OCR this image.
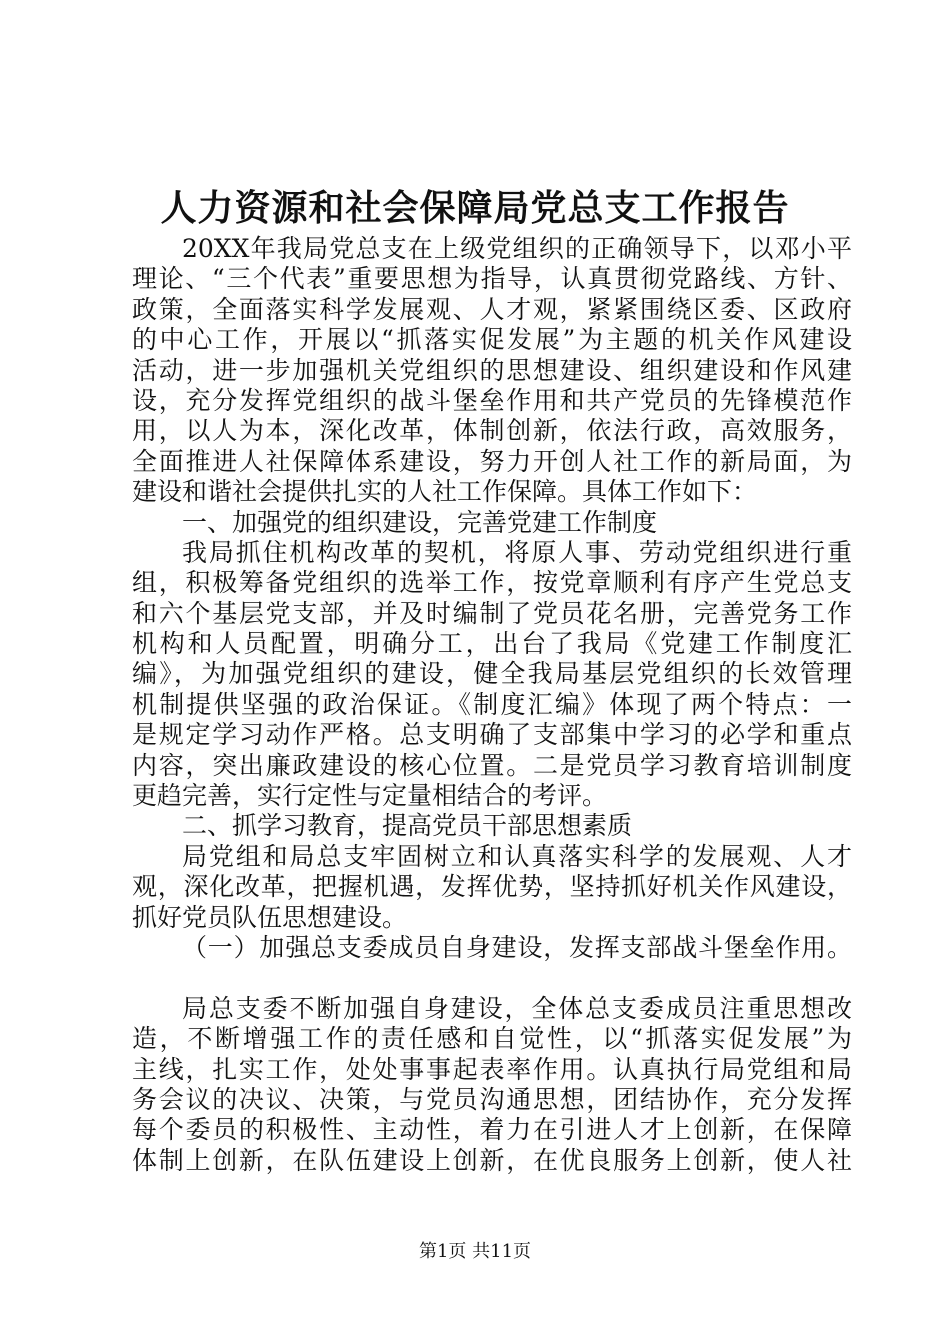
人力资源和社会保障局党总支工作报告
20XX年我局党总支在上级党组织的正确领导下，以邓小平
理论、“三个代表”重要思想为指导，认真贯彻党路线、方针、
政策，全面落实科学发展观、人才观，紧紧围绕区委、区政府
的中心工作，开展以“抓落实促发展”为主题的机关作风建设
活动，进一步加强机关党组织的思想建设、组织建设和作风建
设，充分发挥党组织的战斗堡垒作用和共产党员的先锋模范作
用，以人为本，深化改革，体制创新，依法行政，高效服务，
全面推进人社保障体系建设，努力开创人社工作的新局面，为
建设和谐社会提供扎实的人社工作保障。具体工作如下：
一、加强党的组织建设，完善党建工作制度
我局抓住机构改革的契机，将原人事、劳动党组织进行重
组，积极筹备党组织的选举工作，按党章顺利有序产生党总支
和六个基层党支部，并及时编制了党员花名册，完善党务工作
机构和人员配置，明确分工，出台了我局《党建工作制度汇
编》，为加强党组织的建设，健全我局基层党组织的长效管理
机制提供坚强的政治保证。《制度汇编》体现了两个特点：一
是规定学习动作严格。总支明确了支部集中学习的必学和重点
内容，突出廉政建设的核心位置。二是党员学习教育培训制度
更趋完善，实行定性与定量相结合的考评。
二、抓学习教育，提高党员干部思想素质
局党组和局总支牢固树立和认真落实科学的发展观、人才
观，深化改革，把握机遇，发挥优势，坚持抓好机关作风建设，
抓好党员队伍思想建设。
（一）加强总支委成员自身建设，发挥支部战斗堡垒作用。
局总支委不断加强自身建设，全体总支委成员注重思想改
造，不断增强工作的责任感和自觉性，以“抓落实促发展”为
主线，扎实工作，处处事事起表率作用。认真执行局党组和局
务会议的决议、决策，与党员沟通思想，团结协作，充分发挥
每个委员的积极性、主动性，着力在引进人才上创新，在保障
体制上创新，在队伍建设上创新，在优良服务上创新，使人社
第1页 共11页
